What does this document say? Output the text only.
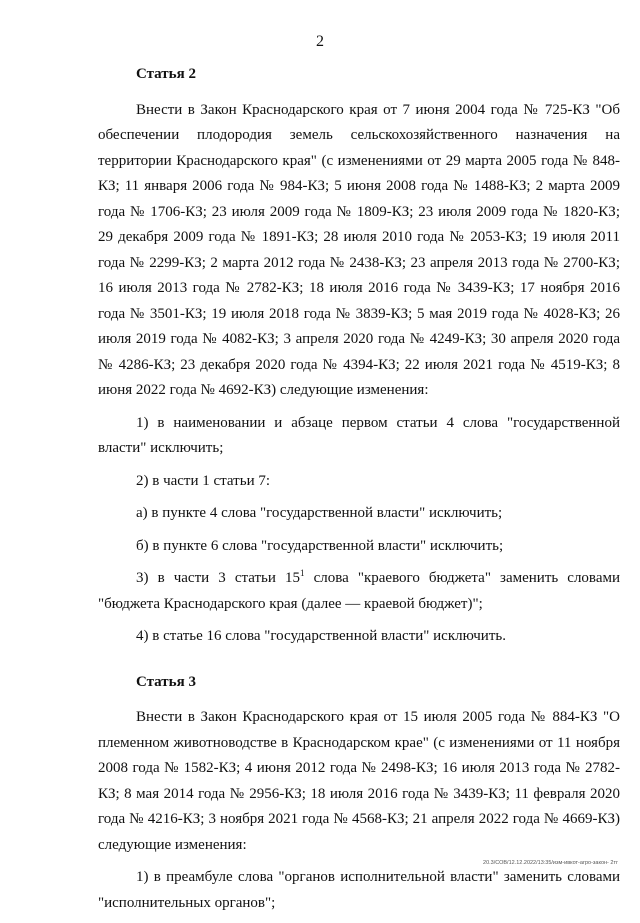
2
Статья 2

Внести в Закон Краснодарского края от 7 июня 2004 года № 725-КЗ "Об обеспечении плодородия земель сельскохозяйственного назначения на территории Краснодарского края" (с изменениями от 29 марта 2005 года № 848-КЗ; 11 января 2006 года № 984-КЗ; 5 июня 2008 года № 1488-КЗ; 2 марта 2009 года № 1706-КЗ; 23 июля 2009 года № 1809-КЗ; 23 июля 2009 года № 1820-КЗ; 29 декабря 2009 года № 1891-КЗ; 28 июля 2010 года № 2053-КЗ; 19 июля 2011 года № 2299-КЗ; 2 марта 2012 года № 2438-КЗ; 23 апреля 2013 года № 2700-КЗ; 16 июля 2013 года № 2782-КЗ; 18 июля 2016 года № 3439-КЗ; 17 ноября 2016 года № 3501-КЗ; 19 июля 2018 года № 3839-КЗ; 5 мая 2019 года № 4028-КЗ; 26 июля 2019 года № 4082-КЗ; 3 апреля 2020 года № 4249-КЗ; 30 апреля 2020 года № 4286-КЗ; 23 декабря 2020 года № 4394-КЗ; 22 июля 2021 года № 4519-КЗ; 8 июня 2022 года № 4692-КЗ) следующие изменения:

1) в наименовании и абзаце первом статьи 4 слова "государственной власти" исключить;

2) в части 1 статьи 7:

а) в пункте 4 слова "государственной власти" исключить;

б) в пункте 6 слова "государственной власти" исключить;

3) в части 3 статьи $15^1$ слова "краевого бюджета" заменить словами "бюджета Краснодарского края (далее — краевой бюджет)";

4) в статье 16 слова "государственной власти" исключить.

Статья 3

Внести в Закон Краснодарского края от 15 июля 2005 года № 884-КЗ "О племенном животноводстве в Краснодарском крае" (с изменениями от 11 ноября 2008 года № 1582-КЗ; 4 июня 2012 года № 2498-КЗ; 16 июля 2013 года № 2782-КЗ; 8 мая 2014 года № 2956-КЗ; 18 июля 2016 года № 3439-КЗ; 11 февраля 2020 года № 4216-КЗ; 3 ноября 2021 года № 4568-КЗ; 21 апреля 2022 года № 4669-КЗ) следующие изменения:

1) в преамбуле слова "органов исполнительной власти" заменить словами "исполнительных органов";

20.3/СОВ/12.12.2022/13:35/изм-ивкот-агро-закон- 2тг
